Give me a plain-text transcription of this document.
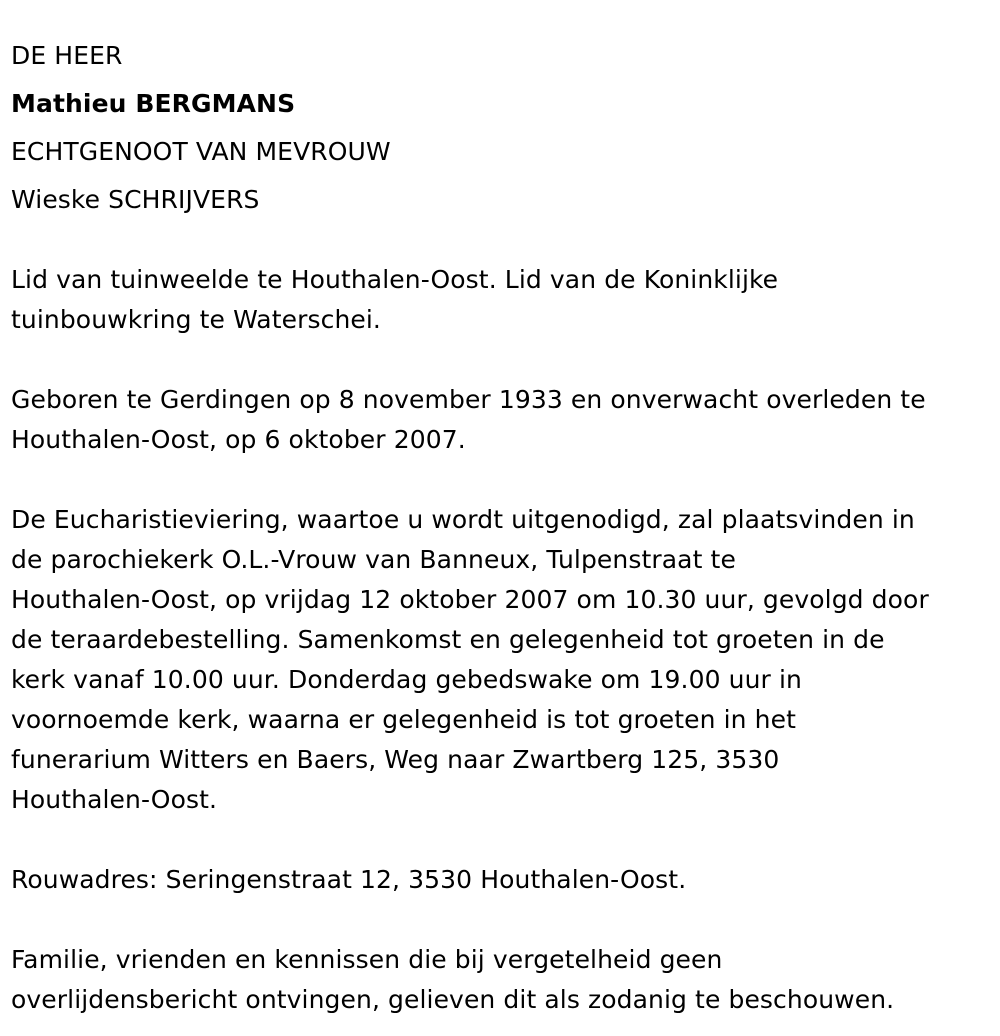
DE HEER
Mathieu BERGMANS
ECHTGENOOT VAN MEVROUW
Wieske SCHRIJVERS
Lid van tuinweelde te Houthalen-Oost. Lid van de Koninklijke
tuinbouwkring te Waterschei.
Geboren te Gerdingen op 8 november 1933 en onverwacht overleden te
Houthalen-Oost, op 6 oktober 2007.
De Eucharistieviering, waartoe u wordt uitgenodigd, zal plaatsvinden in
de parochiekerk O.L.-Vrouw van Banneux, Tulpenstraat te
Houthalen-Oost, op vrijdag 12 oktober 2007 om 10.30 uur, gevolgd door
de teraardebestelling. Samenkomst en gelegenheid tot groeten in de
kerk vanaf 10.00 uur. Donderdag gebedswake om 19.00 uur in
voornoemde kerk, waarna er gelegenheid is tot groeten in het
funerarium Witters en Baers, Weg naar Zwartberg 125, 3530
Houthalen-Oost.
Rouwadres: Seringenstraat 12, 3530 Houthalen-Oost.
Familie, vrienden en kennissen die bij vergetelheid geen
overlijdensbericht ontvingen, gelieven dit als zodanig te beschouwen.
